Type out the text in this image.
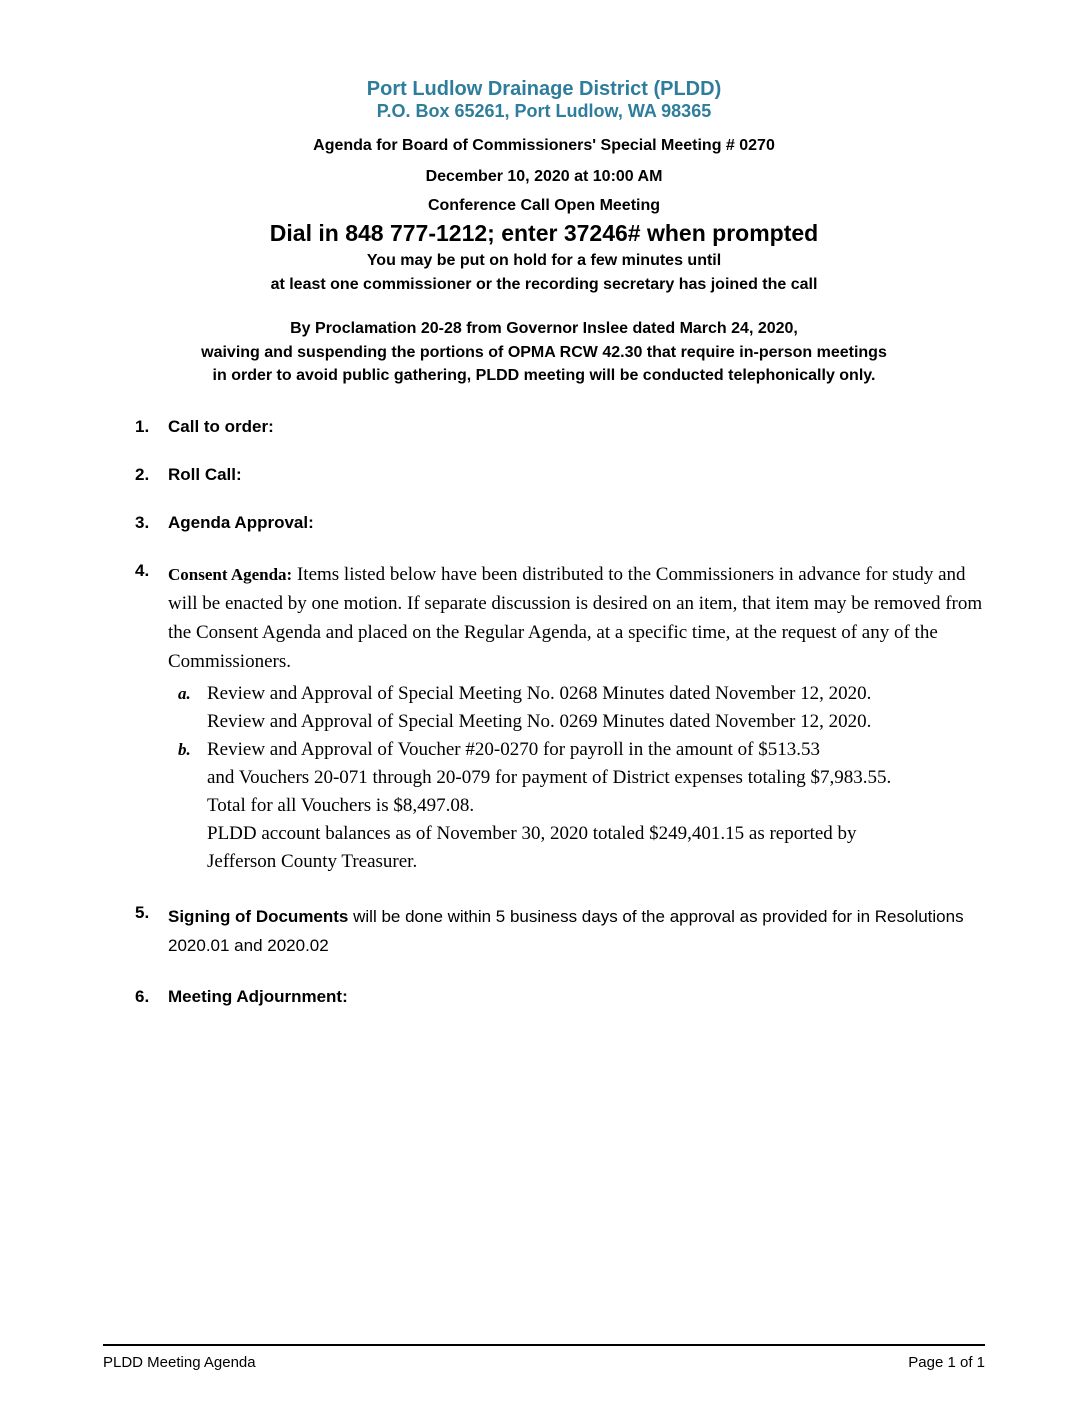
Port Ludlow Drainage District (PLDD)
P.O. Box 65261, Port Ludlow, WA 98365
Agenda for Board of Commissioners' Special Meeting # 0270
December 10, 2020 at 10:00 AM
Conference Call Open Meeting
Dial in 848 777-1212; enter 37246# when prompted
You may be put on hold for a few minutes until
at least one commissioner or the recording secretary has joined the call
By Proclamation 20-28 from Governor Inslee dated March 24, 2020,
waiving and suspending the portions of OPMA RCW 42.30 that require in-person meetings
in order to avoid public gathering, PLDD meeting will be conducted telephonically only.
1.	Call to order:
2.	Roll Call:
3.	Agenda Approval:
4.	Consent Agenda: Items listed below have been distributed to the Commissioners in advance for study and will be enacted by one motion. If separate discussion is desired on an item, that item may be removed from the Consent Agenda and placed on the Regular Agenda, at a specific time, at the request of any of the Commissioners.
a. Review and Approval of Special Meeting No. 0268 Minutes dated November 12, 2020.
Review and Approval of Special Meeting No. 0269 Minutes dated November 12, 2020.
b. Review and Approval of Voucher #20-0270 for payroll in the amount of $513.53
and Vouchers 20-071 through 20-079 for payment of District expenses totaling $7,983.55.
Total for all Vouchers is $8,497.08.
PLDD account balances as of November 30, 2020 totaled $249,401.15 as reported by
Jefferson County Treasurer.
5.	Signing of Documents will be done within 5 business days of the approval as provided for in Resolutions 2020.01 and 2020.02
6.	Meeting Adjournment:
PLDD Meeting Agenda	Page 1 of 1
